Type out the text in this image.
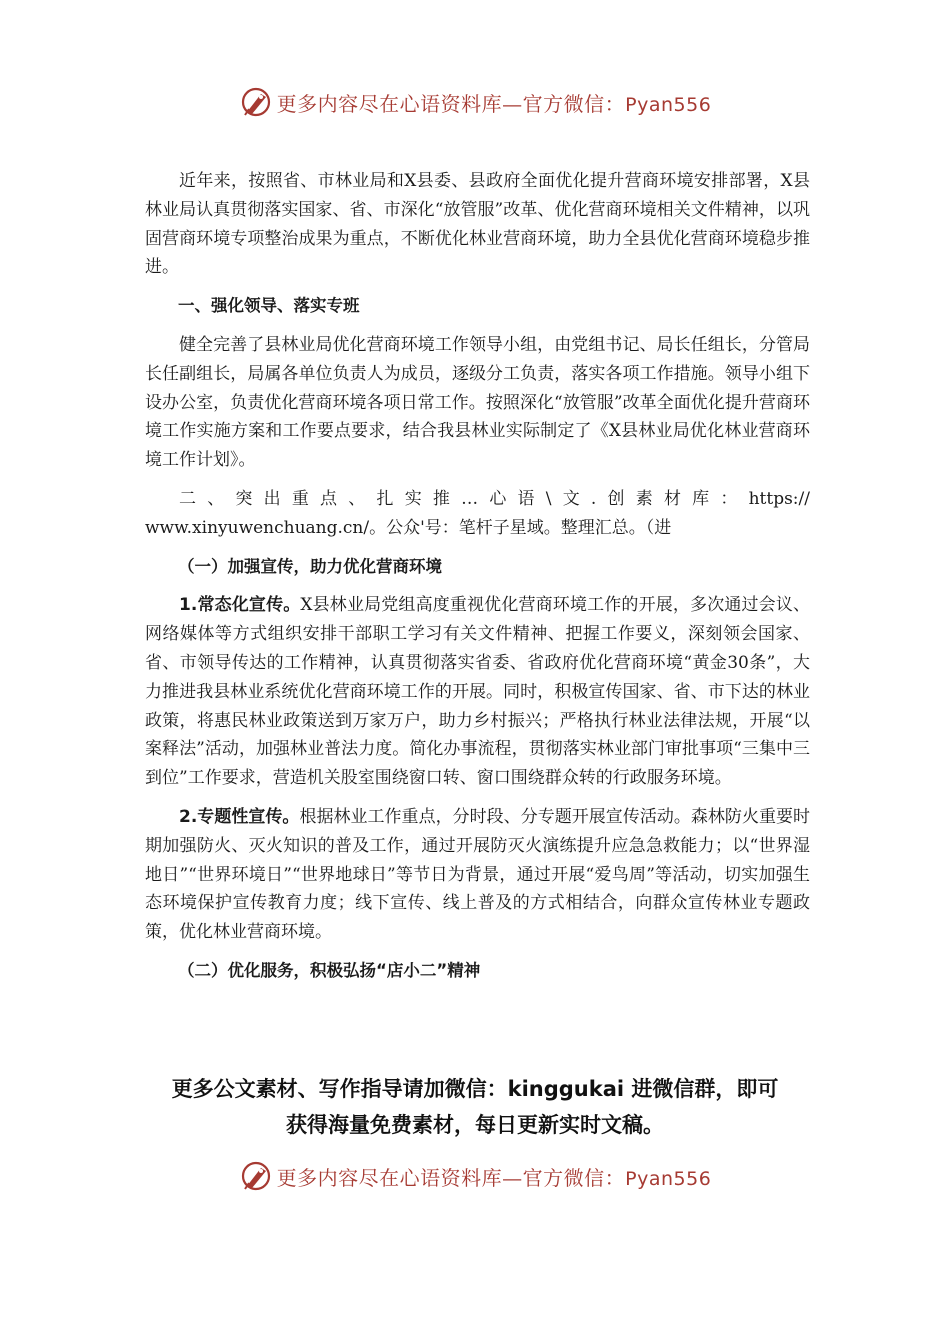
更多内容尽在心语资料库—官方微信：Pyan556

近年来，按照省、市林业局和X县委、县政府全面优化提升营商环境安排部署，X县林业局认真贯彻落实国家、省、市深化“放管服”改革、优化营商环境相关文件精神，以巩固营商环境专项整治成果为重点，不断优化林业营商环境，助力全县优化营商环境稳步推进。

一、强化领导、落实专班

健全完善了县林业局优化营商环境工作领导小组，由党组书记、局长任组长，分管局长任副组长，局属各单位负责人为成员，逐级分工负责，落实各项工作措施。领导小组下设办公室，负责优化营商环境各项日常工作。按照深化“放管服”改革全面优化提升营商环境工作实施方案和工作要点要求，结合我县林业实际制定了《X县林业局优化林业营商环境工作计划》。

二、突出重点、扎实推…心语\文.创素材库：https://

www.xinyuwenchuang.cn/。公众'号：笔杆子星域。整理汇总。（进

（一）加强宣传，助力优化营商环境

1.常态化宣传。X县林业局党组高度重视优化营商环境工作的开展，多次通过会议、网络媒体等方式组织安排干部职工学习有关文件精神、把握工作要义，深刻领会国家、省、市领导传达的工作精神，认真贯彻落实省委、省政府优化营商环境“黄金30条”，大力推进我县林业系统优化营商环境工作的开展。同时，积极宣传国家、省、市下达的林业政策，将惠民林业政策送到万家万户，助力乡村振兴；严格执行林业法律法规，开展“以案释法”活动，加强林业普法力度。简化办事流程，贯彻落实林业部门审批事项“三集中三到位”工作要求，营造机关股室围绕窗口转、窗口围绕群众转的行政服务环境。

2.专题性宣传。根据林业工作重点，分时段、分专题开展宣传活动。森林防火重要时期加强防火、灭火知识的普及工作，通过开展防灭火演练提升应急急救能力；以“世界湿地日”“世界环境日”“世界地球日”等节日为背景，通过开展“爱鸟周”等活动，切实加强生态环境保护宣传教育力度；线下宣传、线上普及的方式相结合，向群众宣传林业专题政策，优化林业营商环境。

（二）优化服务，积极弘扬“店小二”精神

更多公文素材、写作指导请加微信：kinggukai 进微信群，即可
获得海量免费素材，每日更新实时文稿。
更多内容尽在心语资料库—官方微信：Pyan556
